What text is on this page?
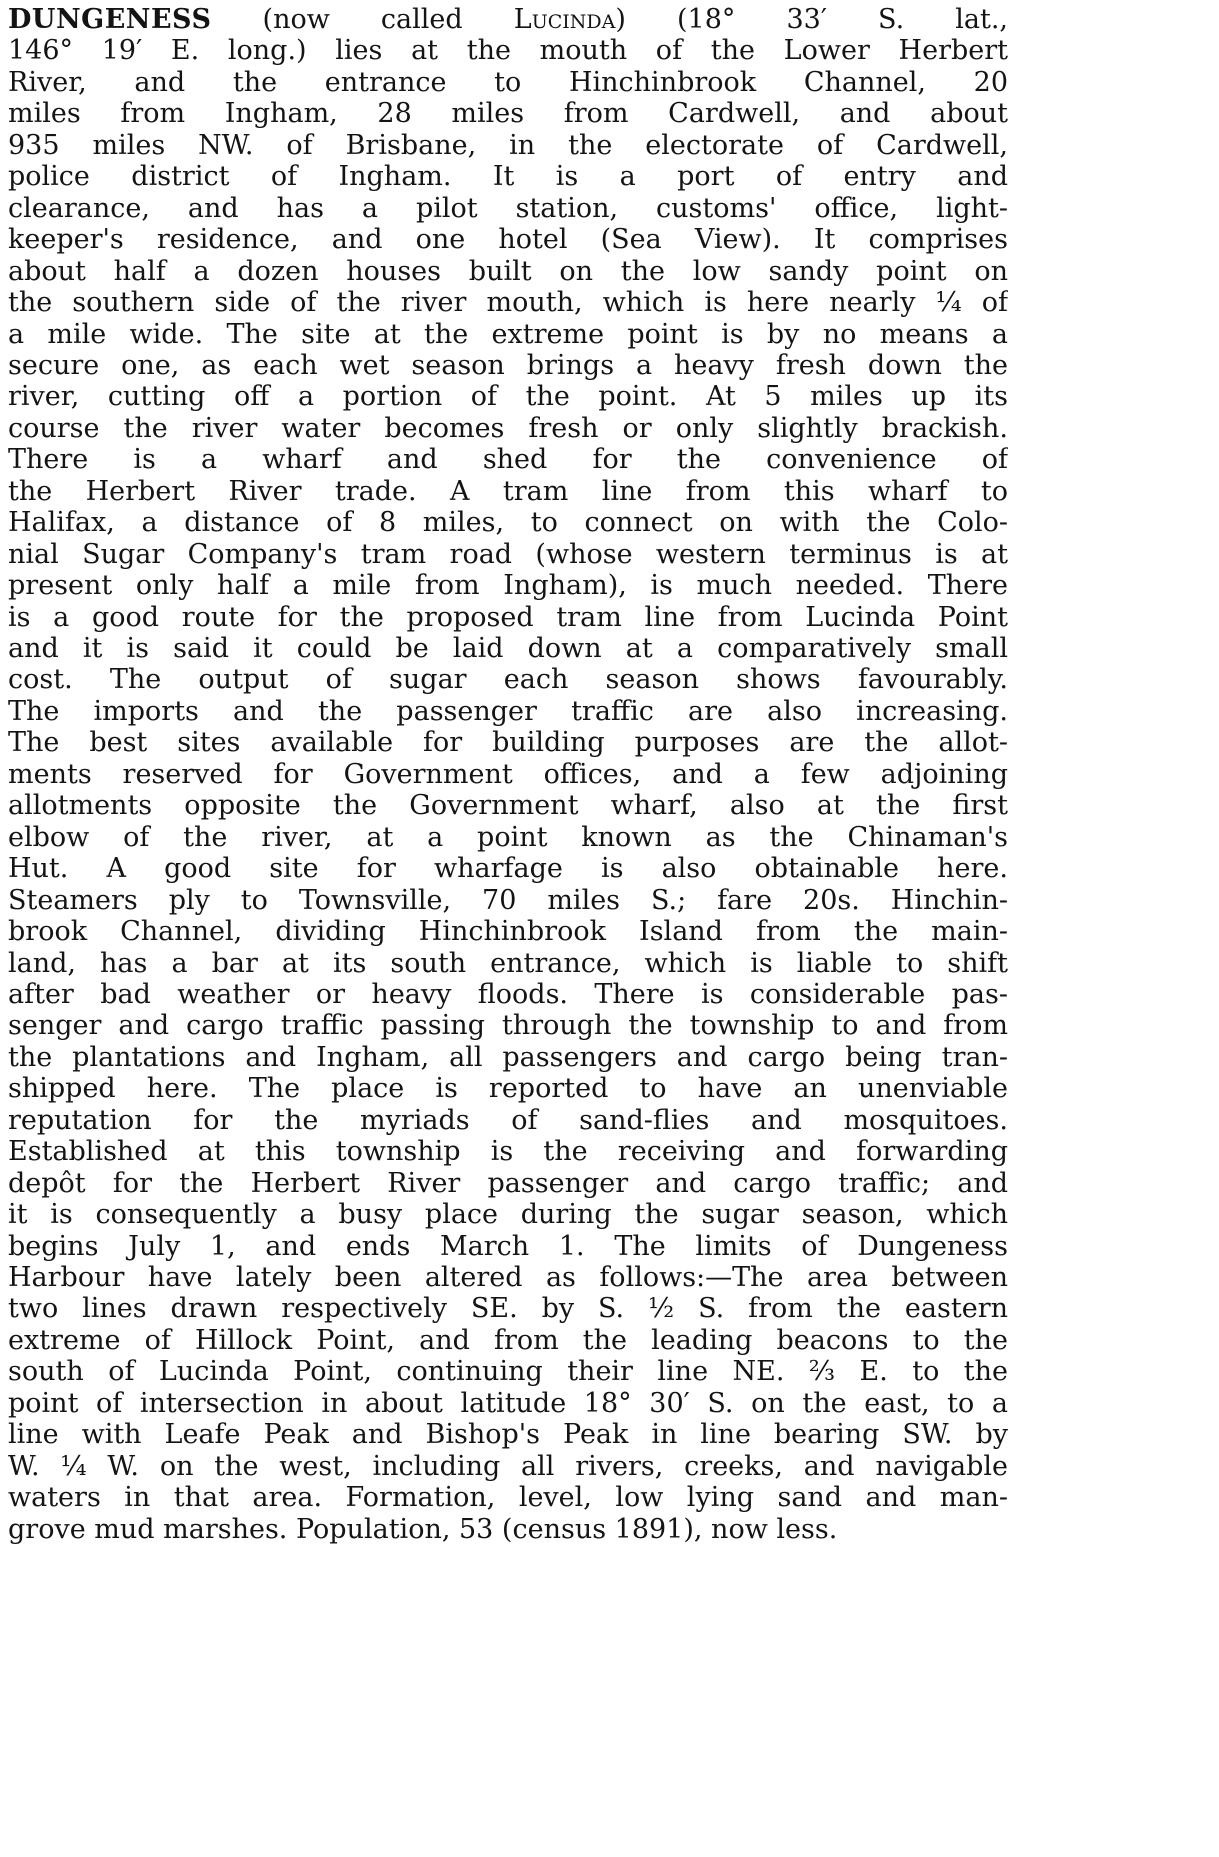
DUNGENESS (now called Lucinda) (18° 33′ S. lat.,
146° 19′ E. long.) lies at the mouth of the Lower Herbert
River, and the entrance to Hinchinbrook Channel, 20
miles from Ingham, 28 miles from Cardwell, and about
935 miles NW. of Brisbane, in the electorate of Cardwell,
police district of Ingham. It is a port of entry and
clearance, and has a pilot station, customs' office, light-
keeper's residence, and one hotel (Sea View). It comprises
about half a dozen houses built on the low sandy point on
the southern side of the river mouth, which is here nearly ¼ of
a mile wide. The site at the extreme point is by no means a
secure one, as each wet season brings a heavy fresh down the
river, cutting off a portion of the point. At 5 miles up its
course the river water becomes fresh or only slightly brackish.
There is a wharf and shed for the convenience of
the Herbert River trade. A tram line from this wharf to
Halifax, a distance of 8 miles, to connect on with the Colo-
nial Sugar Company's tram road (whose western terminus is at
present only half a mile from Ingham), is much needed. There
is a good route for the proposed tram line from Lucinda Point
and it is said it could be laid down at a comparatively small
cost. The output of sugar each season shows favourably.
The imports and the passenger traffic are also increasing.
The best sites available for building purposes are the allot-
ments reserved for Government offices, and a few adjoining
allotments opposite the Government wharf, also at the first
elbow of the river, at a point known as the Chinaman's
Hut. A good site for wharfage is also obtainable here.
Steamers ply to Townsville, 70 miles S.; fare 20s. Hinchin-
brook Channel, dividing Hinchinbrook Island from the main-
land, has a bar at its south entrance, which is liable to shift
after bad weather or heavy floods. There is considerable pas-
senger and cargo traffic passing through the township to and from
the plantations and Ingham, all passengers and cargo being tran-
shipped here. The place is reported to have an unenviable
reputation for the myriads of sand-flies and mosquitoes.
Established at this township is the receiving and forwarding
depôt for the Herbert River passenger and cargo traffic; and
it is consequently a busy place during the sugar season, which
begins July 1, and ends March 1. The limits of Dungeness
Harbour have lately been altered as follows:—The area between
two lines drawn respectively SE. by S. ½ S. from the eastern
extreme of Hillock Point, and from the leading beacons to the
south of Lucinda Point, continuing their line NE. ⅔ E. to the
point of intersection in about latitude 18° 30′ S. on the east, to a
line with Leafe Peak and Bishop's Peak in line bearing SW. by
W. ¼ W. on the west, including all rivers, creeks, and navigable
waters in that area. Formation, level, low lying sand and man-
grove mud marshes. Population, 53 (census 1891), now less.
